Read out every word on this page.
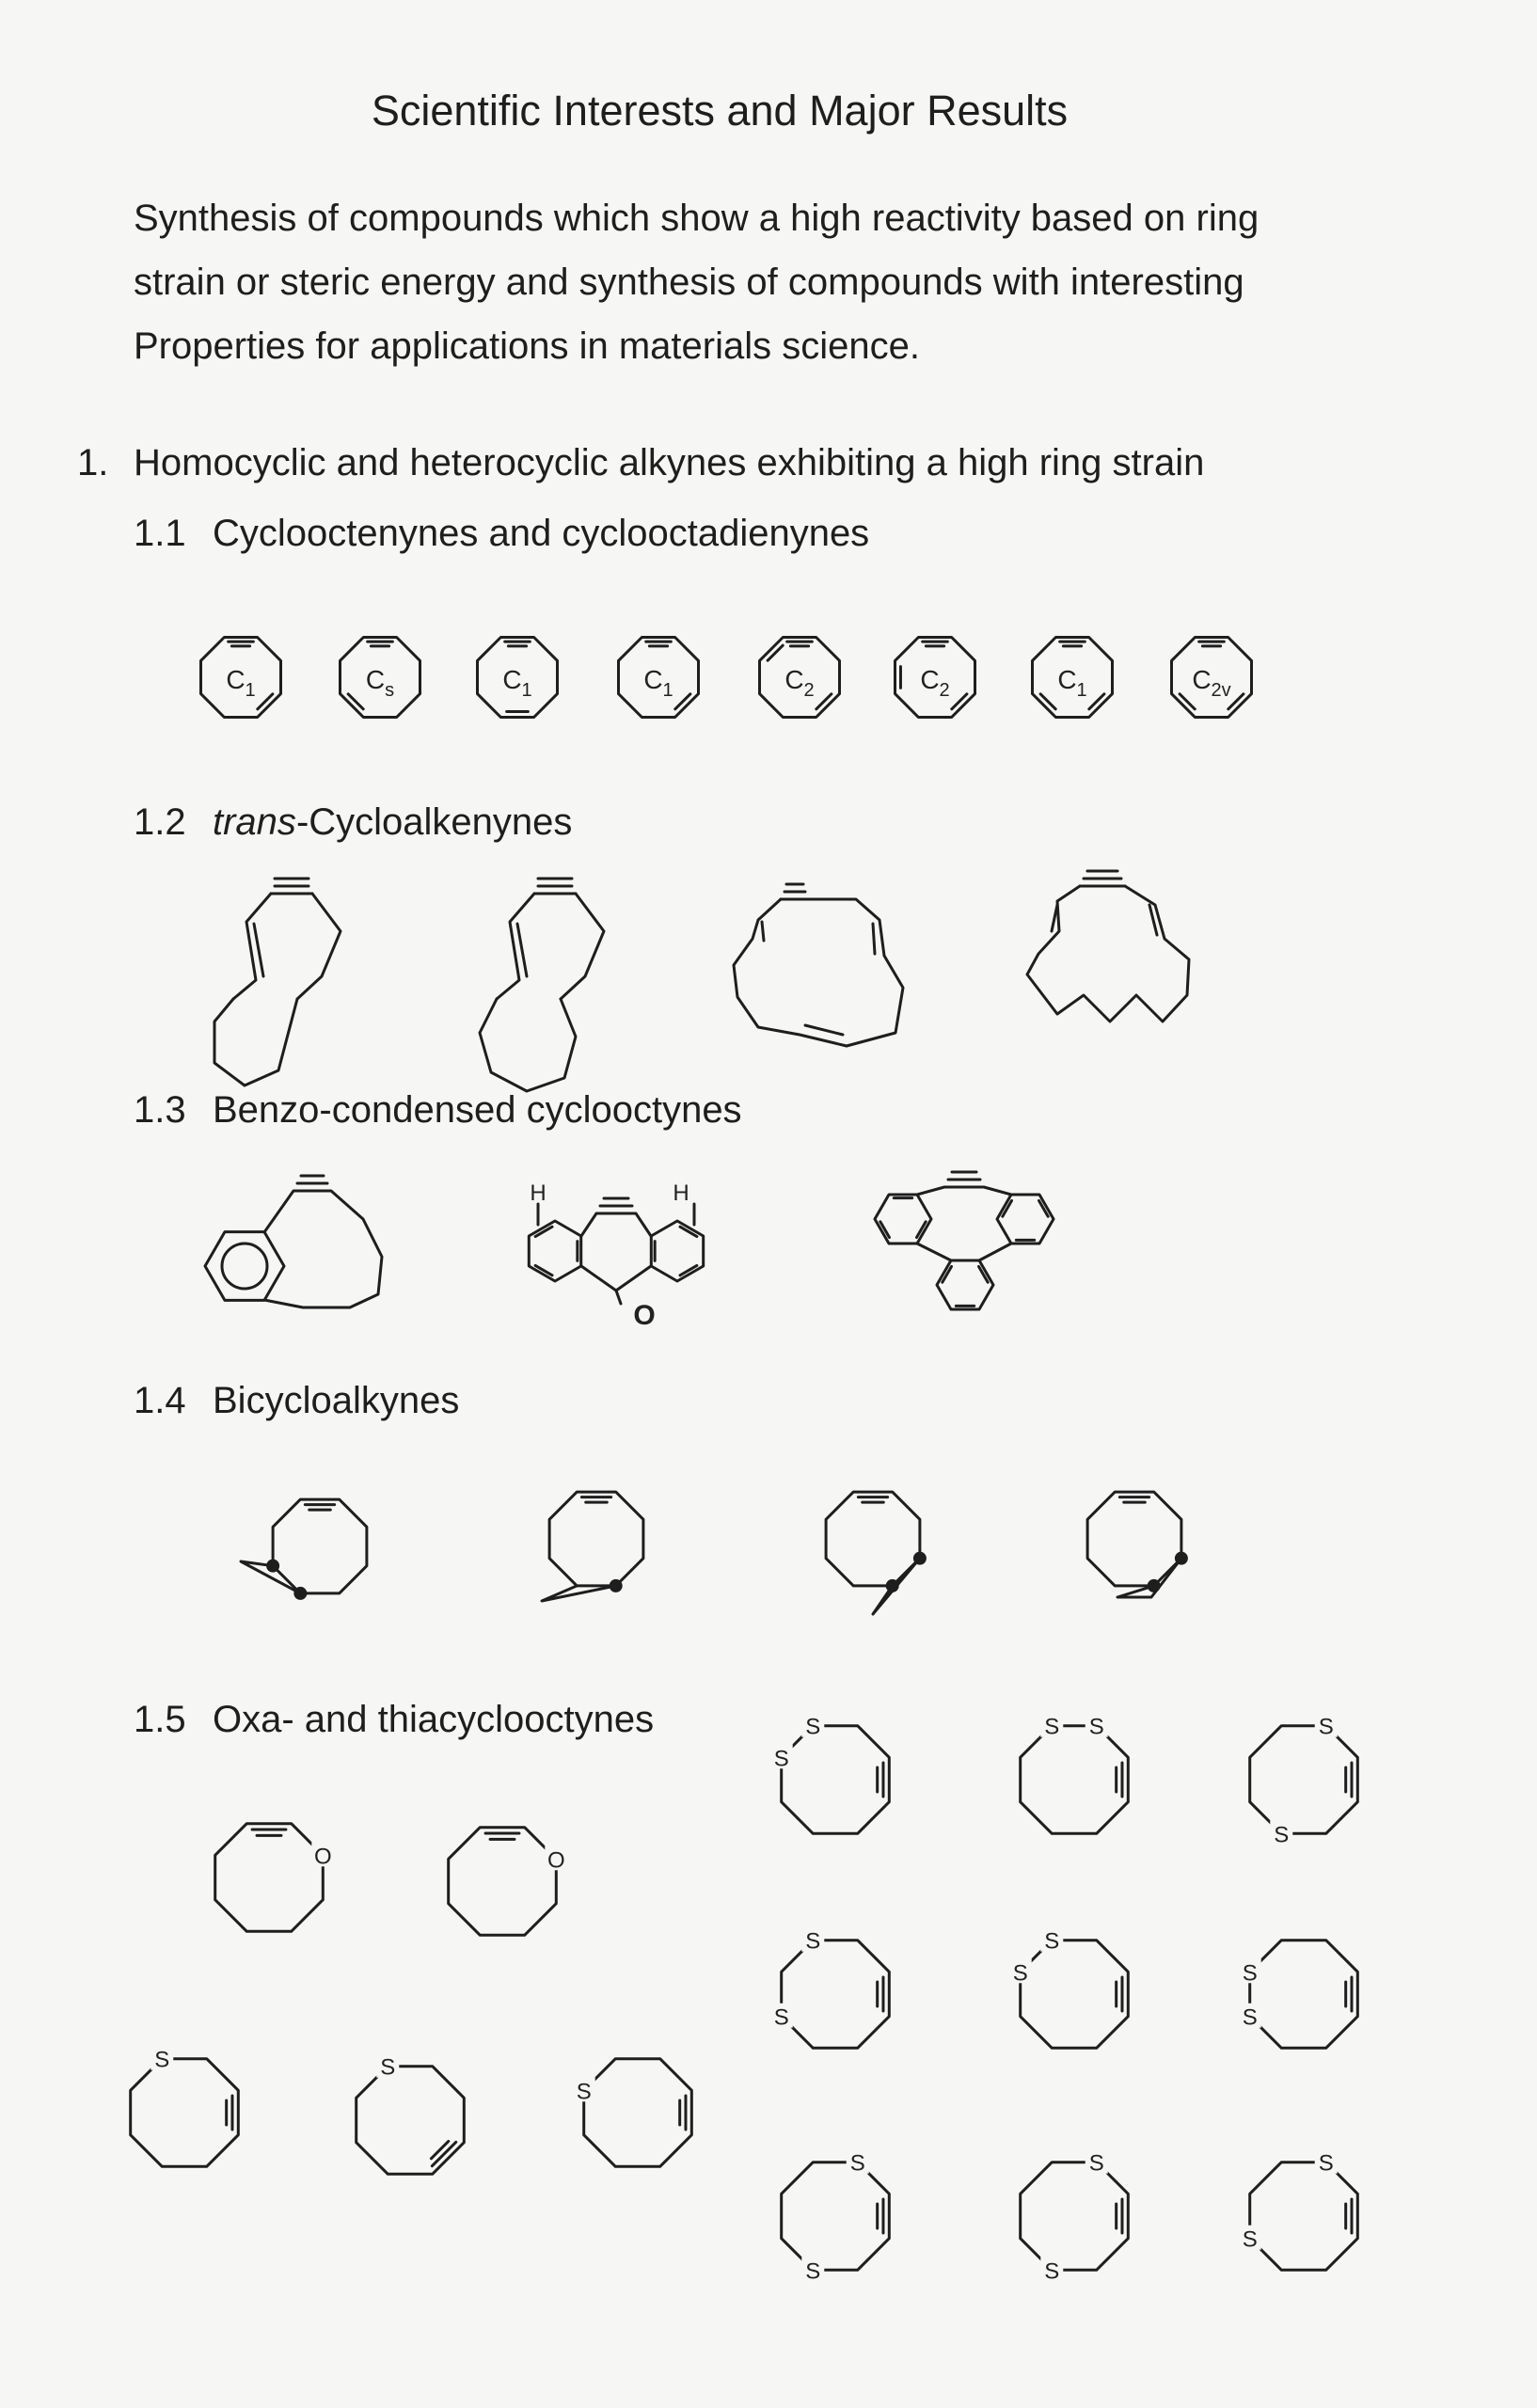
Scientific Interests and Major Results
Synthesis of compounds which show a high reactivity based on ring
strain or steric energy and synthesis of compounds with interesting
Properties for applications in materials science.
1. Homocyclic and heterocyclic alkynes exhibiting a high ring strain
1.1 Cyclooctenynes and cyclooctadienynes
1.2 trans-Cycloalkenynes
1.3 Benzo-condensed cyclooctynes
1.4 Bicycloalkynes
1.5 Oxa- and thiacyclooctynes
$C_1$	$C_s$	$C_1$	$C_1$	$C_2$	$C_2$	$C_1$	$C_{2v}$
H	H
O
O	O
S
S	S S	S
S
S
S
S
S	S
S
S
S
S
S
S
S
S	S
S
